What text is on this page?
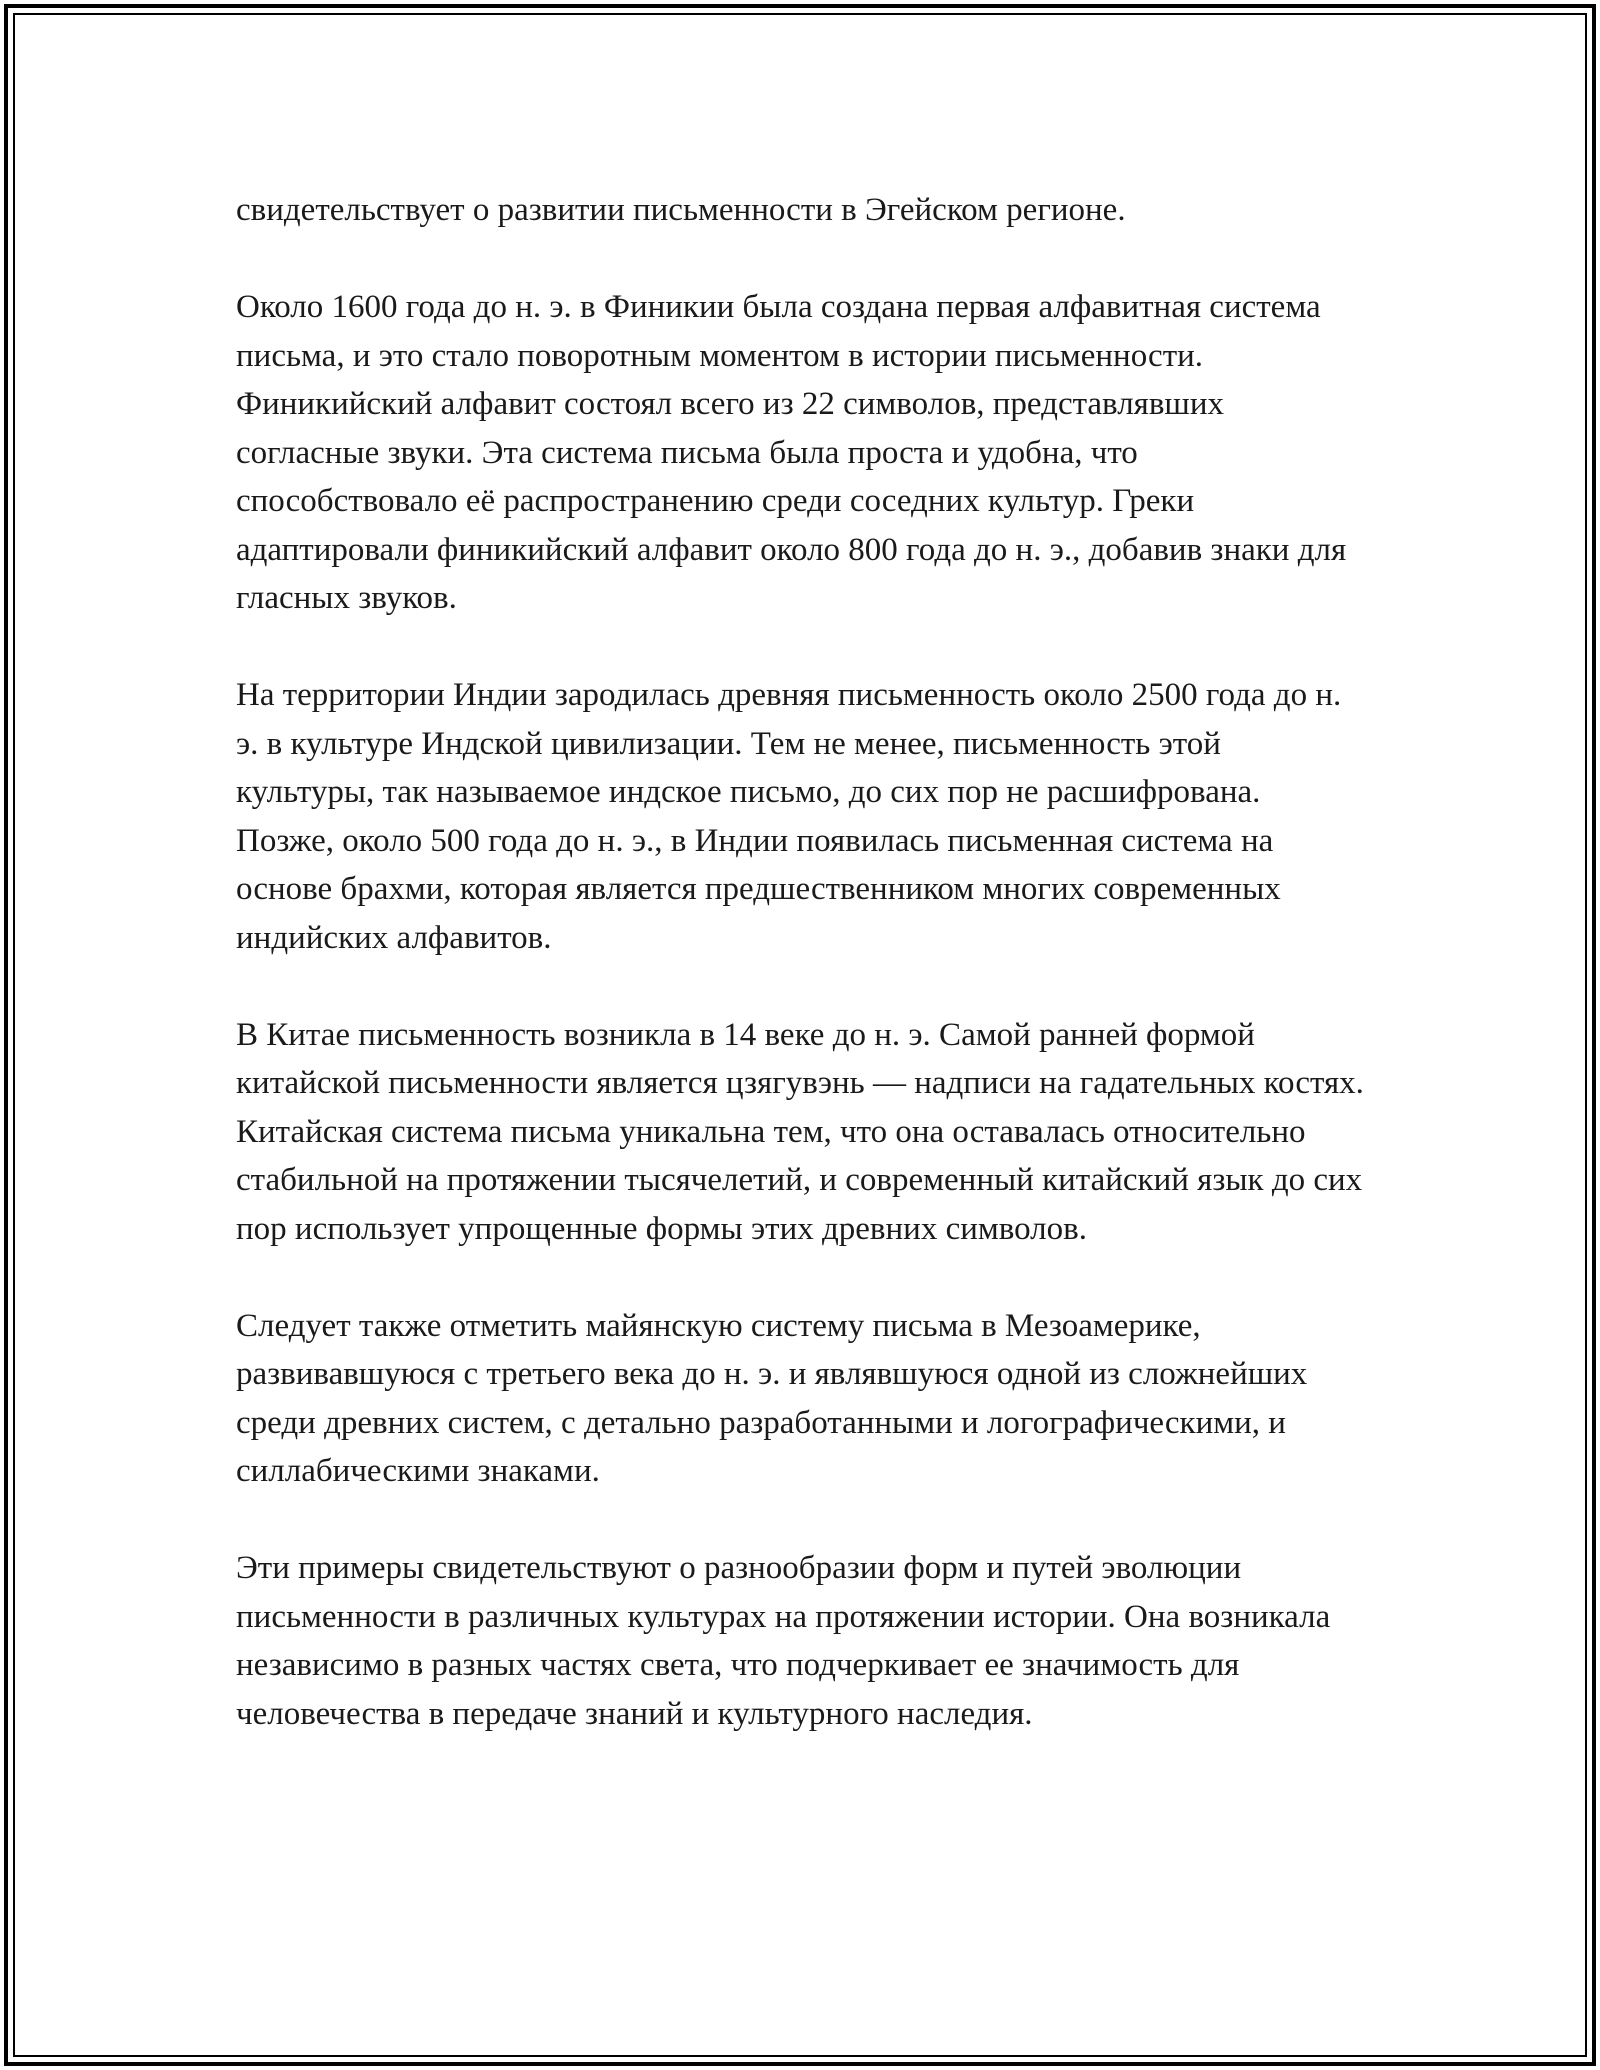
свидетельствует о развитии письменности в Эгейском регионе.

Около 1600 года до н. э. в Финикии была создана первая алфавитная система письма, и это стало поворотным моментом в истории письменности. Финикийский алфавит состоял всего из 22 символов, представлявших согласные звуки. Эта система письма была проста и удобна, что способствовало её распространению среди соседних культур. Греки адаптировали финикийский алфавит около 800 года до н. э., добавив знаки для гласных звуков.

На территории Индии зародилась древняя письменность около 2500 года до н. э. в культуре Индской цивилизации. Тем не менее, письменность этой культуры, так называемое индское письмо, до сих пор не расшифрована. Позже, около 500 года до н. э., в Индии появилась письменная система на основе брахми, которая является предшественником многих современных индийских алфавитов.

В Китае письменность возникла в 14 веке до н. э. Самой ранней формой китайской письменности является цзягувэнь — надписи на гадательных костях. Китайская система письма уникальна тем, что она оставалась относительно стабильной на протяжении тысячелетий, и современный китайский язык до сих пор использует упрощенные формы этих древних символов.

Следует также отметить майянскую систему письма в Мезоамерике, развивавшуюся с третьего века до н. э. и являвшуюся одной из сложнейших среди древних систем, с детально разработанными и логографическими, и силлабическими знаками.

Эти примеры свидетельствуют о разнообразии форм и путей эволюции письменности в различных культурах на протяжении истории. Она возникала независимо в разных частях света, что подчеркивает ее значимость для человечества в передаче знаний и культурного наследия.
